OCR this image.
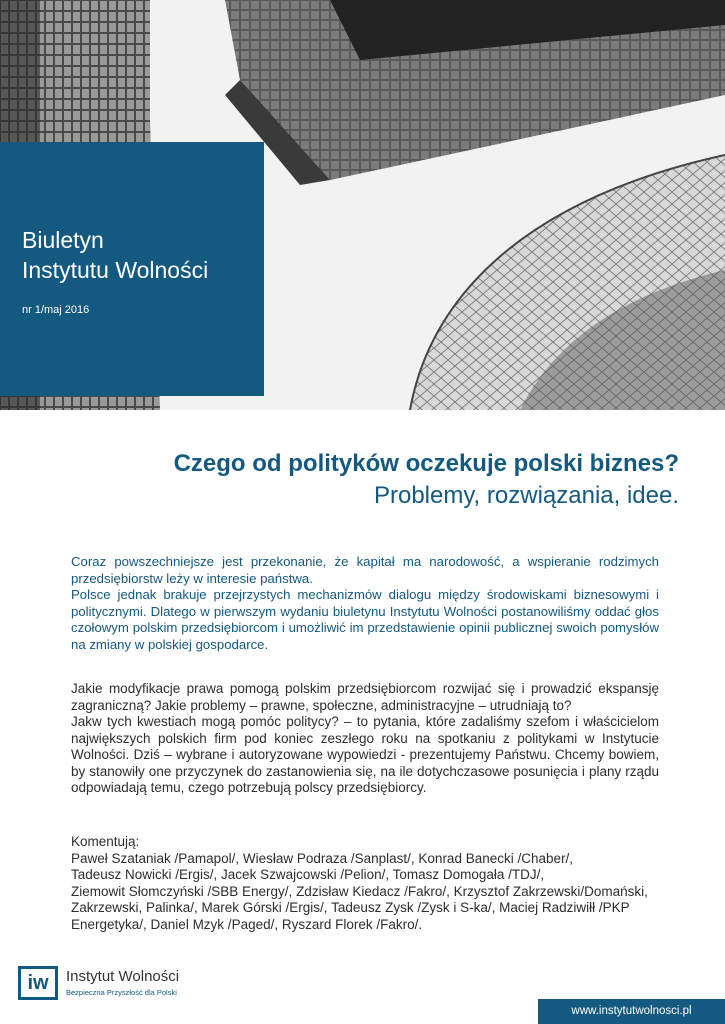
Biuletyn
Instytutu Wolności
nr 1/maj 2016
Czego od polityków oczekuje polski biznes?
Problemy, rozwiązania, idee.

Coraz powszechniejsze jest przekonanie, że kapitał ma narodowość, a wspieranie rodzimych przedsiębiorstw leży w interesie państwa.

Polsce jednak brakuje przejrzystych mechanizmów dialogu między środowiskami biznesowymi i politycznymi. Dlatego w pierwszym wydaniu biuletynu Instytutu Wolności postanowiliśmy oddać głos czołowym polskim przedsiębiorcom i umożliwić im przedstawienie opinii publicznej swoich pomysłów na zmiany w polskiej gospodarce.

Jakie modyfikacje prawa pomogą polskim przedsiębiorcom rozwijać się i prowadzić ekspansję zagraniczną? Jakie problemy – prawne, społeczne, administracyjne – utrudniają to?

Jakw tych kwestiach mogą pomóc politycy? – to pytania, które zadaliśmy szefom i właścicielom największych polskich firm pod koniec zeszłego roku na spotkaniu z politykami w Instytucie Wolności. Dziś – wybrane i autoryzowane wypowiedzi - prezentujemy Państwu. Chcemy bowiem, by stanowiły one przyczynek do zastanowienia się, na ile dotychczasowe posunięcia i plany rządu odpowiadają temu, czego potrzebują polscy przedsiębiorcy.

Komentują:

Paweł Szataniak /Pamapol/, Wiesław Podraza /Sanplast/, Konrad Banecki /Chaber/,

Tadeusz Nowicki /Ergis/, Jacek Szwajcowski /Pelion/, Tomasz Domogała /TDJ/,

Ziemowit Słomczyński /SBB Energy/, Zdzisław Kiedacz /Fakro/, Krzysztof Zakrzewski/Domański,

Zakrzewski, Palinka/, Marek Górski /Ergis/, Tadeusz Zysk /Zysk i S-ka/, Maciej Radziwiłł /PKP

Energetyka/, Daniel Mzyk /Paged/, Ryszard Florek /Fakro/.

iw	Instytut Wolności
Bezpieczna Przyszłość dla Polski
www.instytutwolnosci.pl
